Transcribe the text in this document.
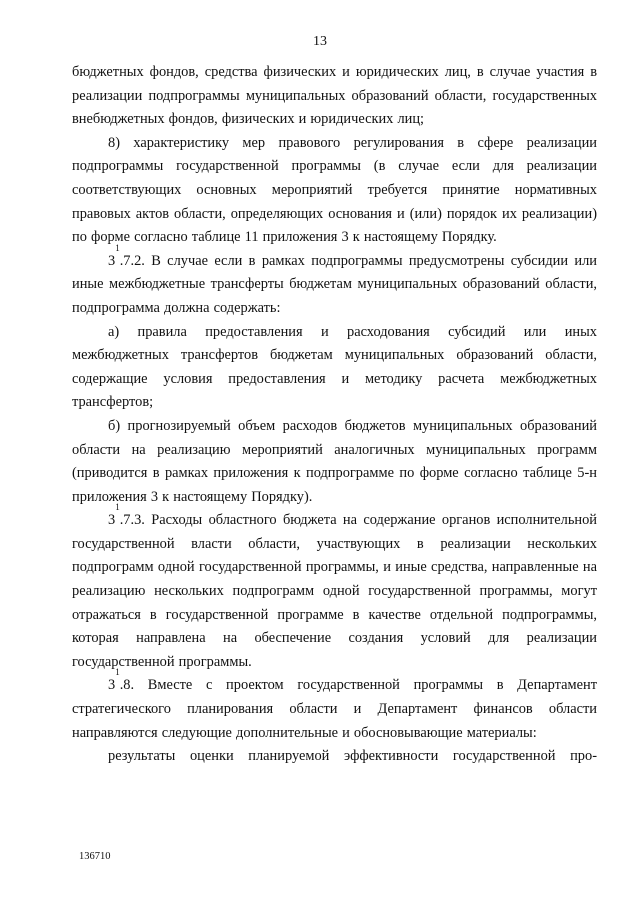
13

бюджетных фондов, средства физических и юридических лиц, в случае участия в реализации подпрограммы муниципальных образований области, государственных внебюджетных фондов, физических и юридических лиц;

8) характеристику мер правового регулирования в сфере реализации подпрограммы государственной программы (в случае если для реализации соответствующих основных мероприятий требуется принятие нормативных правовых актов области, определяющих основания и (или) порядок их реализации) по форме согласно таблице 11 приложения 3 к настоящему Порядку.

$3^1.7.2$. В случае если в рамках подпрограммы предусмотрены субсидии или иные межбюджетные трансферты бюджетам муниципальных образований области, подпрограмма должна содержать:

а) правила предоставления и расходования субсидий или иных межбюджетных трансфертов бюджетам муниципальных образований области, содержащие условия предоставления и методику расчета межбюджетных трансфертов;

б) прогнозируемый объем расходов бюджетов муниципальных образований области на реализацию мероприятий аналогичных муниципальных программ (приводится в рамках приложения к подпрограмме по форме согласно таблице 5-н приложения 3 к настоящему Порядку).

$3^1.7.3$. Расходы областного бюджета на содержание органов исполнительной государственной власти области, участвующих в реализации нескольких подпрограмм одной государственной программы, и иные средства, направленные на реализацию нескольких подпрограмм одной государственной программы, могут отражаться в государственной программе в качестве отдельной подпрограммы, которая направлена на обеспечение создания условий для реализации государственной программы.

$3^1.8$. Вместе с проектом государственной программы в Департамент стратегического планирования области и Департамент финансов области направляются следующие дополнительные и обосновывающие материалы:

результаты оценки планируемой эффективности государственной про-

136710
